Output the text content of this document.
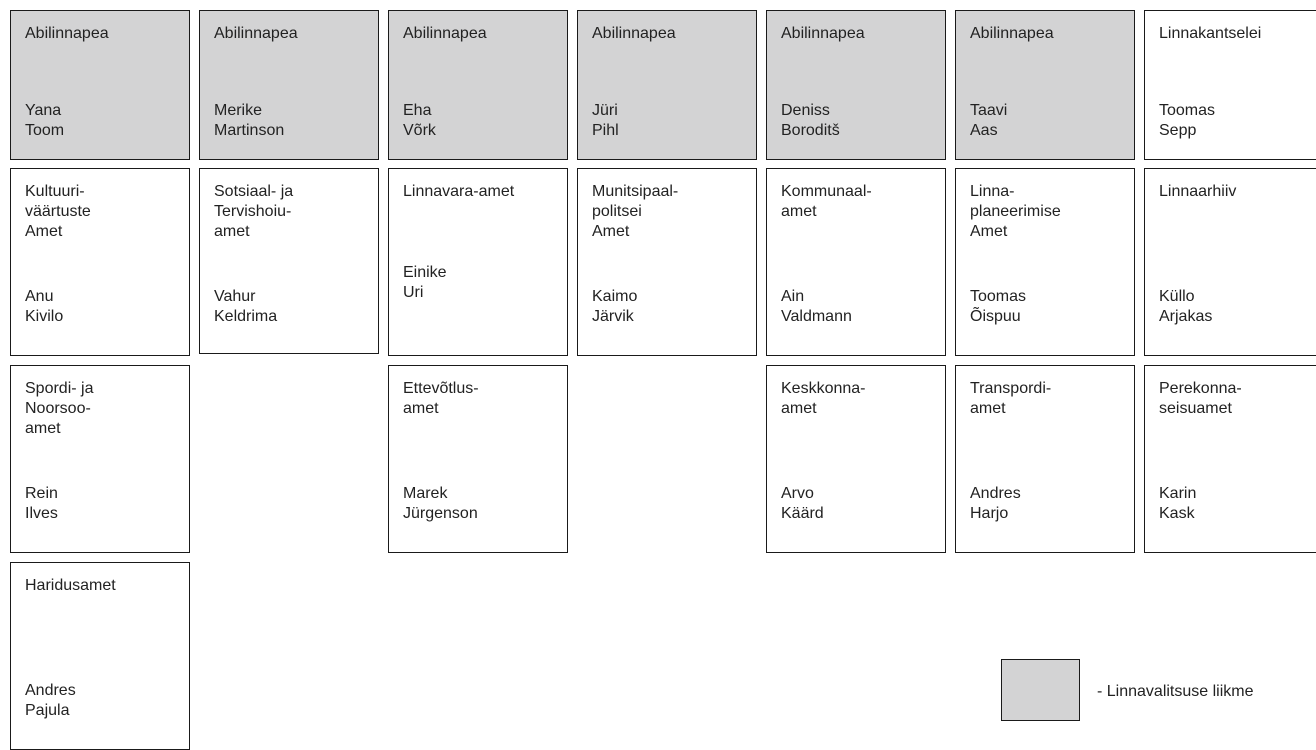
Abilinnapea
Yana
Toom
Abilinnapea
Merike
Martinson
Abilinnapea
Eha
Võrk
Abilinnapea
Jüri
Pihl
Abilinnapea
Deniss
Boroditš
Abilinnapea
Taavi
Aas
Linnakantselei
Toomas
Sepp
Kultuuri-
väärtuste
Amet
Anu
Kivilo
Sotsiaal- ja
Tervishoiu-
amet
Vahur
Keldrima
Linnavara-amet
Einike
Uri
Munitsipaal-
politsei
Amet
Kaimo
Järvik
Kommunaal-
amet
Ain
Valdmann
Linna-
planeerimise
Amet
Toomas
Õispuu
Linnaarhiiv
Küllo
Arjakas
Spordi- ja
Noorsoo-
amet
Rein
Ilves
Ettevõtlus-
amet
Marek
Jürgenson
Keskkonna-
amet
Arvo
Käärd
Transpordi-
amet
Andres
Harjo
Perekonna-
seisuamet
Karin
Kask
Haridusamet
Andres
Pajula
- Linnavalitsuse liikme
